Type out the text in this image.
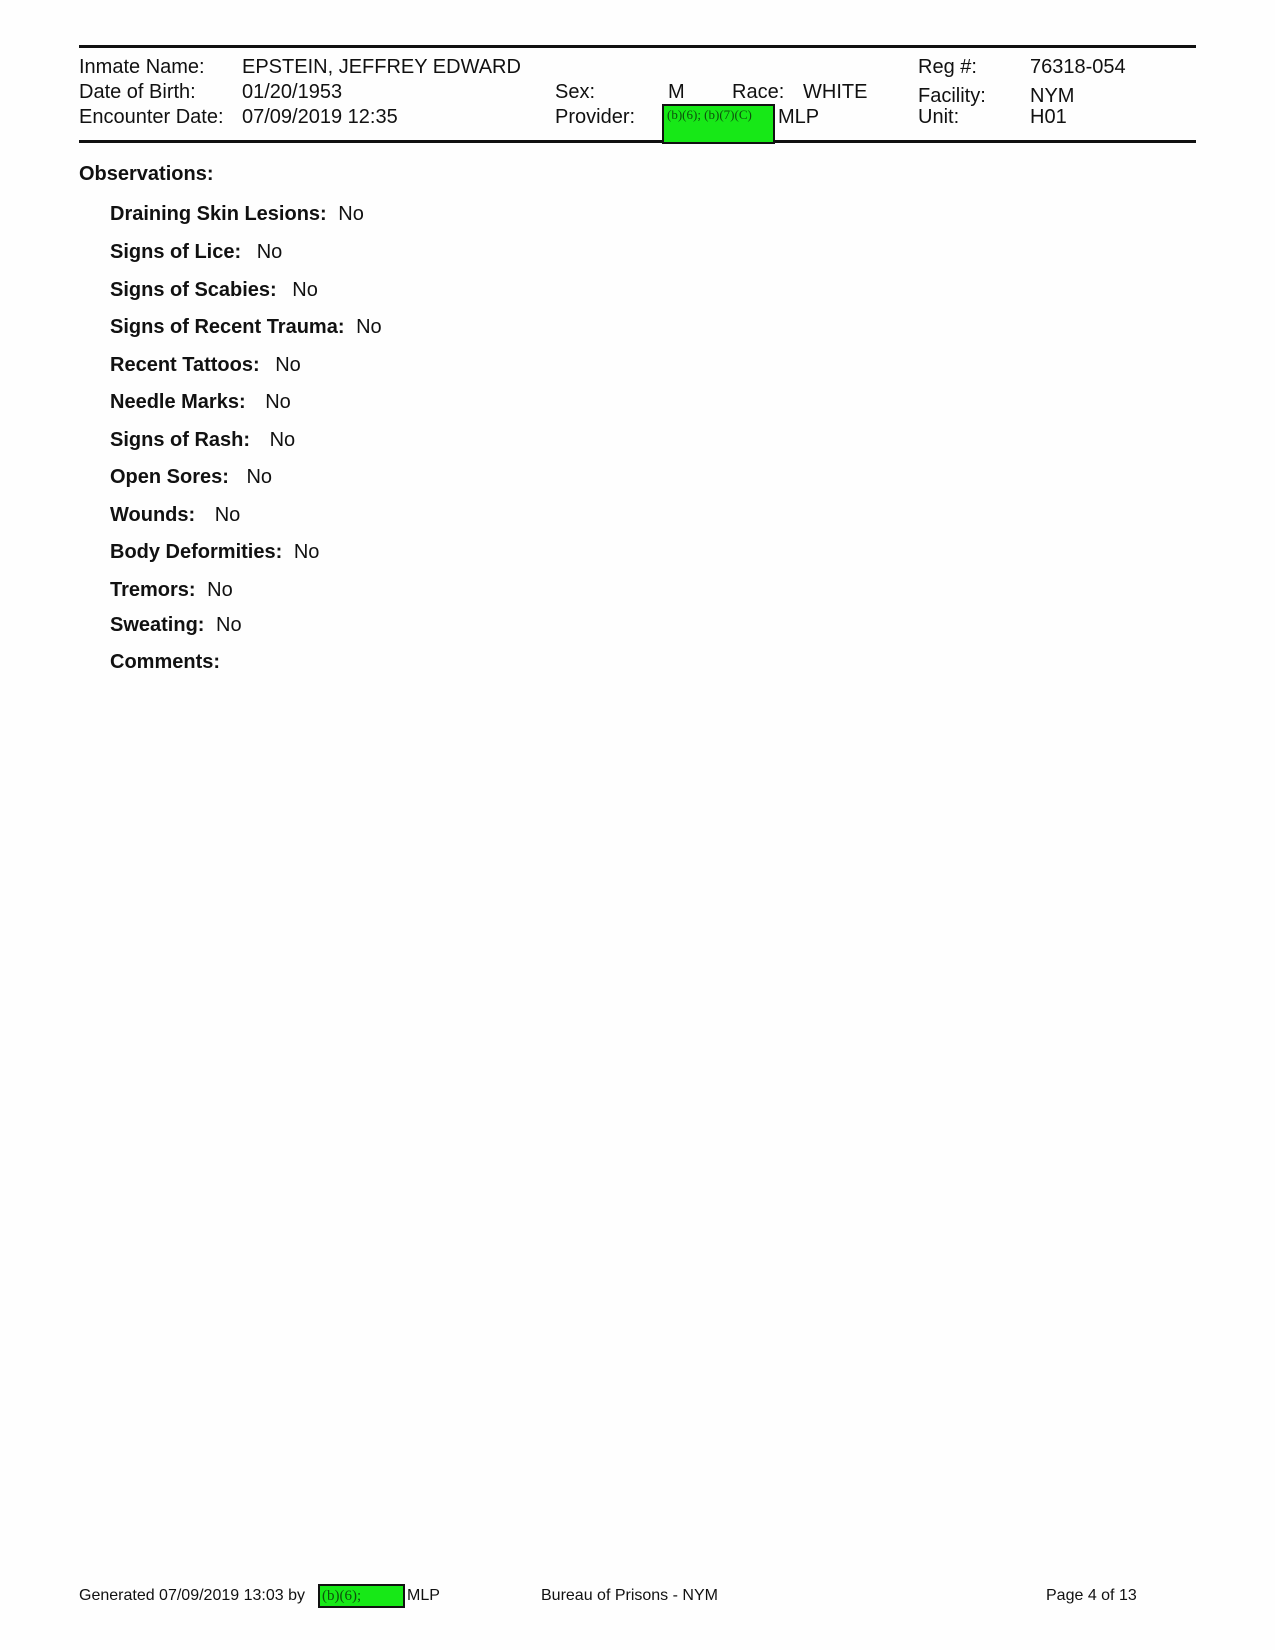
Inmate Name: EPSTEIN, JEFFREY EDWARD
Date of Birth: 01/20/1953
Encounter Date: 07/09/2019 12:35
Sex:	M Race: WHITE
Provider:	(b)(6); (b)(7)(C)	MLP
Reg #:	76318-054
Facility: NYM
Unit:	H01
Observations:
Draining Skin Lesions: No
Signs of Lice: No
Signs of Scabies: No
Signs of Recent Trauma: No
Recent Tattoos: No
Needle Marks: No
Signs of Rash: No
Open Sores: No
Wounds: No
Body Deformities: No
Tremors: No
Sweating: No
Comments:
Generated 07/09/2019 13:03 by (b)(6);	MLP	Bureau of Prisons - NYM	Page 4 of 13
